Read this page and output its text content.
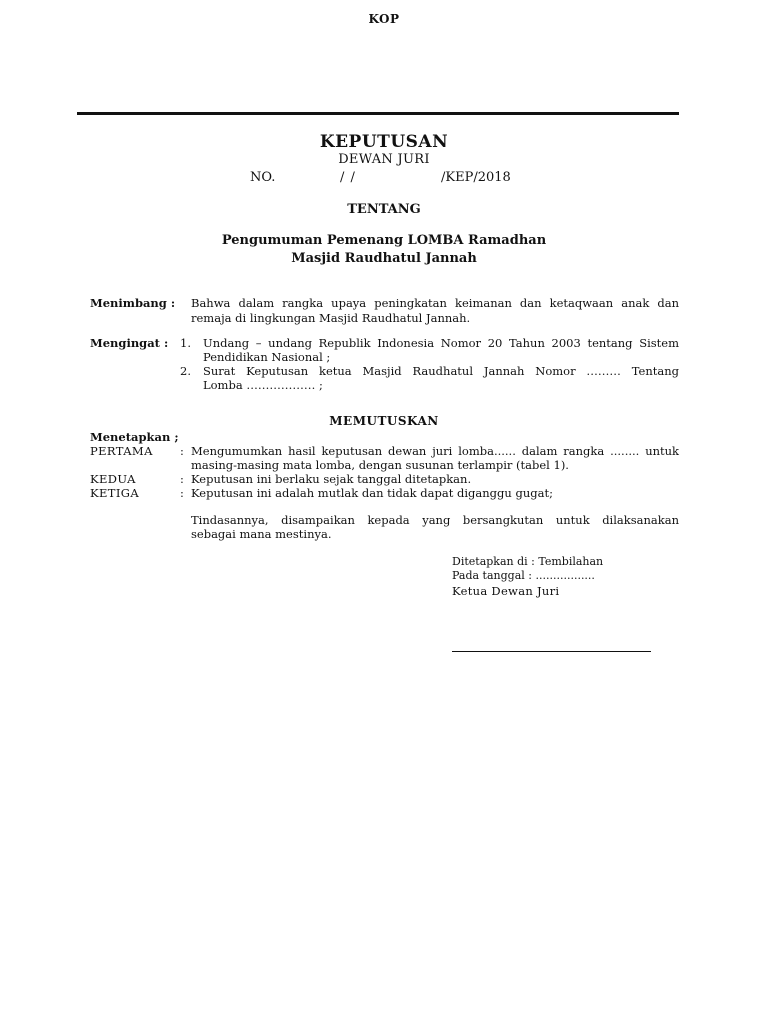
KOP
KEPUTUSAN
DEWAN JURI
NO.	/ /	/KEP/2018
TENTANG
Pengumuman Pemenang LOMBA Ramadhan
Masjid Raudhatul Jannah
Menimbang : Bahwa dalam rangka upaya peningkatan keimanan dan ketaqwaan anak dan
remaja di lingkungan Masjid Raudhatul Jannah.
Mengingat : 1. Undang – undang Republik Indonesia Nomor 20 Tahun 2003 tentang Sistem
Pendidikan Nasional ;
2. Surat Keputusan ketua Masjid Raudhatul Jannah Nomor ……… Tentang
Lomba ……………… ;
MEMUTUSKAN
Menetapkan ;
PERTAMA : Mengumumkan hasil keputusan dewan juri lomba...... dalam rangka ........ untuk
masing-masing mata lomba, dengan susunan terlampir (tabel 1).
KEDUA	: Keputusan ini berlaku sejak tanggal ditetapkan.
KETIGA	: Keputusan ini adalah mutlak dan tidak dapat diganggu gugat;
Tindasannya, disampaikan kepada yang bersangkutan untuk dilaksanakan
sebagai mana mestinya.
Ditetapkan di : Tembilahan
Pada tanggal : .................
Ketua Dewan Juri
